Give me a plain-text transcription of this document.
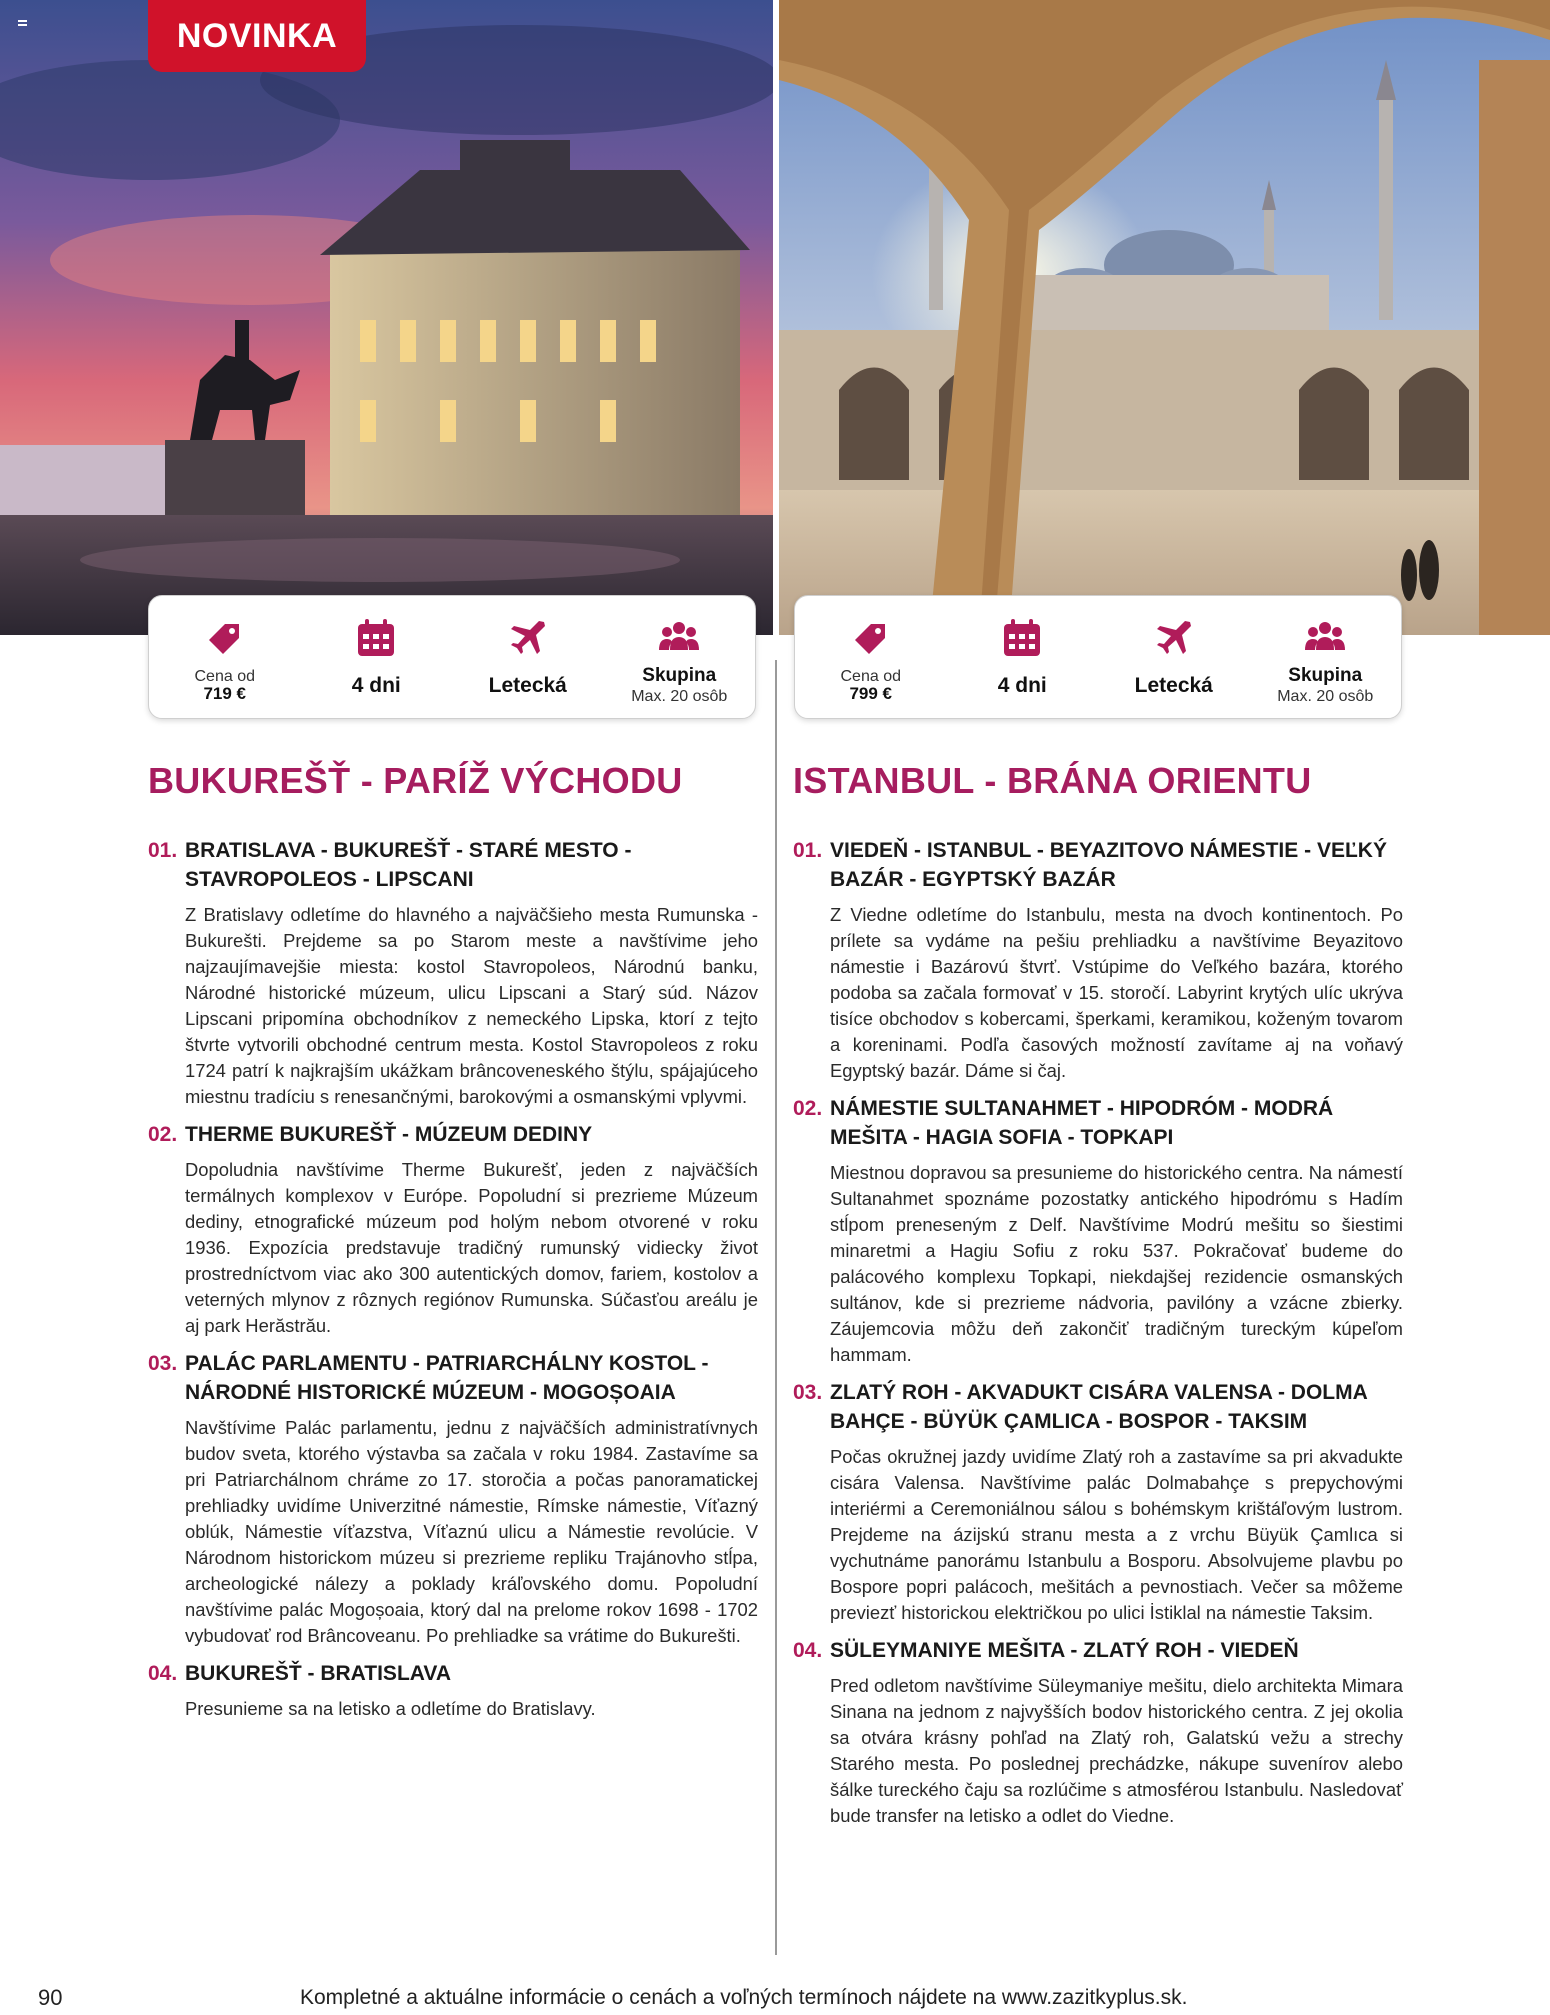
NOVINKA
Cena od
719 €	4 dni	Letecká	Skupina
Max. 20 osôb
Cena od
799 €	4 dni	Letecká	Skupina
Max. 20 osôb
BUKUREŠŤ - PARÍŽ VÝCHODU
01. BRATISLAVA - BUKUREŠŤ - STARÉ MESTO - STAVROPOLEOS - LIPSCANI
Z Bratislavy odletíme do hlavného a najväčšieho mesta Rumunska - Bukurešti. Prejdeme sa po Starom meste a navštívime jeho najzaujímavejšie miesta: kostol Stavropoleos, Národnú banku, Národné historické múzeum, ulicu Lipscani a Starý súd. Názov Lipscani pripomína obchodníkov z nemeckého Lipska, ktorí z tejto štvrte vytvorili obchodné centrum mesta. Kostol Stavropoleos z roku 1724 patrí k najkrajším ukážkam brâncoveneského štýlu, spájajúceho miestnu tradíciu s renesančnými, barokovými a osmanskými vplyvmi.
02. THERME BUKUREŠŤ - MÚZEUM DEDINY
Dopoludnia navštívime Therme Bukurešť, jeden z najväčších termálnych komplexov v Európe. Popoludní si prezrieme Múzeum dediny, etnografické múzeum pod holým nebom otvorené v roku 1936. Expozícia predstavuje tradičný rumunský vidiecky život prostredníctvom viac ako 300 autentických domov, fariem, kostolov a veterných mlynov z rôznych regiónov Rumunska. Súčasťou areálu je aj park Herăstrău.
03. PALÁC PARLAMENTU - PATRIARCHÁLNY KOSTOL - NÁRODNÉ HISTORICKÉ MÚZEUM - MOGOȘOAIA
Navštívime Palác parlamentu, jednu z najväčších administratívnych budov sveta, ktorého výstavba sa začala v roku 1984. Zastavíme sa pri Patriarchálnom chráme zo 17. storočia a počas panoramatickej prehliadky uvidíme Univerzitné námestie, Rímske námestie, Víťazný oblúk, Námestie víťazstva, Víťaznú ulicu a Námestie revolúcie. V Národnom historickom múzeu si prezrieme repliku Trajánovho stĺpa, archeologické nálezy a poklady kráľovského domu. Popoludní navštívime palác Mogoșoaia, ktorý dal na prelome rokov 1698 - 1702 vybudovať rod Brâncoveanu. Po prehliadke sa vrátime do Bukurešti.
04. BUKUREŠŤ - BRATISLAVA
Presunieme sa na letisko a odletíme do Bratislavy.
ISTANBUL - BRÁNA ORIENTU
01. VIEDEŇ - ISTANBUL - BEYAZITOVO NÁMESTIE - VEĽKÝ BAZÁR - EGYPTSKÝ BAZÁR
Z Viedne odletíme do Istanbulu, mesta na dvoch kontinentoch. Po prílete sa vydáme na pešiu prehliadku a navštívime Beyazitovo námestie i Bazárovú štvrť. Vstúpime do Veľkého bazára, ktorého podoba sa začala formovať v 15. storočí. Labyrint krytých ulíc ukrýva tisíce obchodov s kobercami, šperkami, keramikou, koženým tovarom a koreninami. Podľa časových možností zavítame aj na voňavý Egyptský bazár. Dáme si čaj.
02. NÁMESTIE SULTANAHMET - HIPODRÓM - MODRÁ MEŠITA - HAGIA SOFIA - TOPKAPI
Miestnou dopravou sa presunieme do historického centra. Na námestí Sultanahmet spoznáme pozostatky antického hipodrómu s Hadím stĺpom preneseným z Delf. Navštívime Modrú mešitu so šiestimi minaretmi a Hagiu Sofiu z roku 537. Pokračovať budeme do palácového komplexu Topkapi, niekdajšej rezidencie osmanských sultánov, kde si prezrieme nádvoria, pavilóny a vzácne zbierky. Záujemcovia môžu deň zakončiť tradičným tureckým kúpeľom hammam.
03. ZLATÝ ROH - AKVADUKT CISÁRA VALENSA - DOLMA BAHÇE - BÜYÜK ÇAMLICA - BOSPOR - TAKSIM
Počas okružnej jazdy uvidíme Zlatý roh a zastavíme sa pri akvadukte cisára Valensa. Navštívime palác Dolmabahçe s prepychovými interiérmi a Ceremoniálnou sálou s bohémskym krištáľovým lustrom. Prejdeme na ázijskú stranu mesta a z vrchu Büyük Çamlıca si vychutnáme panorámu Istanbulu a Bosporu. Absolvujeme plavbu po Bospore popri palácoch, mešitách a pevnostiach. Večer sa môžeme previezť historickou električkou po ulici İstiklal na námestie Taksim.
04. SÜLEYMANIYE MEŠITA - ZLATÝ ROH - VIEDEŇ
Pred odletom navštívime Süleymaniye mešitu, dielo architekta Mimara Sinana na jednom z najvyšších bodov historického centra. Z jej okolia sa otvára krásny pohľad na Zlatý roh, Galatskú vežu a strechy Starého mesta. Po poslednej prechádzke, nákupe suvenírov alebo šálke tureckého čaju sa rozlúčime s atmosférou Istanbulu. Nasledovať bude transfer na letisko a odlet do Viedne.
90	Kompletné a aktuálne informácie o cenách a voľných termínoch nájdete na www.zazitkyplus.sk.
